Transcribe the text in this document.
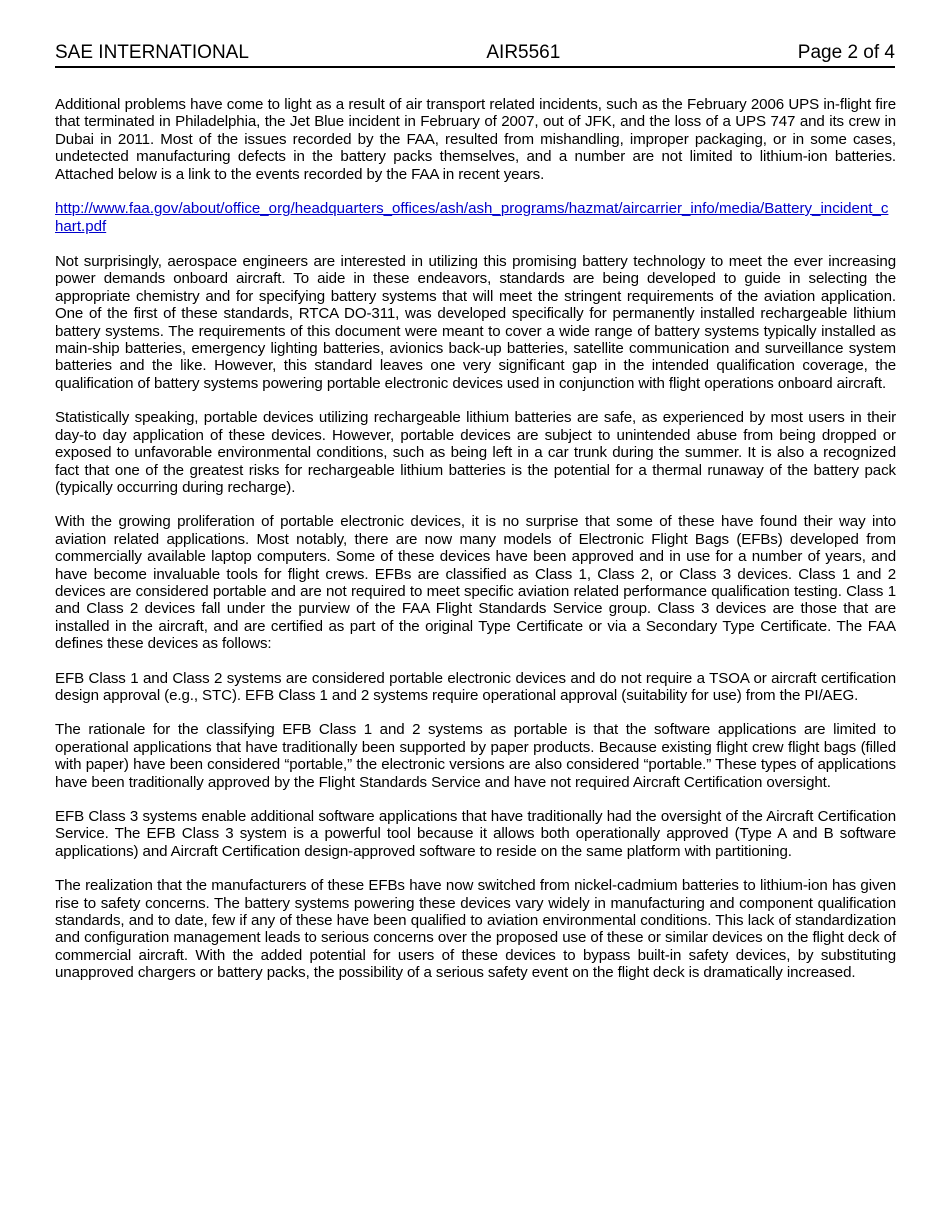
SAE INTERNATIONAL	AIR5561	Page 2 of 4

Additional problems have come to light as a result of air transport related incidents, such as the February 2006 UPS in-flight fire that terminated in Philadelphia, the Jet Blue incident in February of 2007, out of JFK, and the loss of a UPS 747 and its crew in Dubai in 2011. Most of the issues recorded by the FAA, resulted from mishandling, improper packaging, or in some cases, undetected manufacturing defects in the battery packs themselves, and a number are not limited to lithium-ion batteries. Attached below is a link to the events recorded by the FAA in recent years.

http://www.faa.gov/about/office_org/headquarters_offices/ash/ash_programs/hazmat/aircarrier_info/media/Battery_incident_chart.pdf

Not surprisingly, aerospace engineers are interested in utilizing this promising battery technology to meet the ever increasing power demands onboard aircraft. To aide in these endeavors, standards are being developed to guide in selecting the appropriate chemistry and for specifying battery systems that will meet the stringent requirements of the aviation application. One of the first of these standards, RTCA DO-311, was developed specifically for permanently installed rechargeable lithium battery systems. The requirements of this document were meant to cover a wide range of battery systems typically installed as main-ship batteries, emergency lighting batteries, avionics back-up batteries, satellite communication and surveillance system batteries and the like. However, this standard leaves one very significant gap in the intended qualification coverage, the qualification of battery systems powering portable electronic devices used in conjunction with flight operations onboard aircraft.

Statistically speaking, portable devices utilizing rechargeable lithium batteries are safe, as experienced by most users in their day-to day application of these devices. However, portable devices are subject to unintended abuse from being dropped or exposed to unfavorable environmental conditions, such as being left in a car trunk during the summer. It is also a recognized fact that one of the greatest risks for rechargeable lithium batteries is the potential for a thermal runaway of the battery pack (typically occurring during recharge).

With the growing proliferation of portable electronic devices, it is no surprise that some of these have found their way into aviation related applications. Most notably, there are now many models of Electronic Flight Bags (EFBs) developed from commercially available laptop computers. Some of these devices have been approved and in use for a number of years, and have become invaluable tools for flight crews. EFBs are classified as Class 1, Class 2, or Class 3 devices. Class 1 and 2 devices are considered portable and are not required to meet specific aviation related performance qualification testing. Class 1 and Class 2 devices fall under the purview of the FAA Flight Standards Service group. Class 3 devices are those that are installed in the aircraft, and are certified as part of the original Type Certificate or via a Secondary Type Certificate. The FAA defines these devices as follows:

EFB Class 1 and Class 2 systems are considered portable electronic devices and do not require a TSOA or aircraft certification design approval (e.g., STC). EFB Class 1 and 2 systems require operational approval (suitability for use) from the PI/AEG.

The rationale for the classifying EFB Class 1 and 2 systems as portable is that the software applications are limited to operational applications that have traditionally been supported by paper products. Because existing flight crew flight bags (filled with paper) have been considered “portable,” the electronic versions are also considered “portable.” These types of applications have been traditionally approved by the Flight Standards Service and have not required Aircraft Certification oversight.

EFB Class 3 systems enable additional software applications that have traditionally had the oversight of the Aircraft Certification Service. The EFB Class 3 system is a powerful tool because it allows both operationally approved (Type A and B software applications) and Aircraft Certification design-approved software to reside on the same platform with partitioning.

The realization that the manufacturers of these EFBs have now switched from nickel-cadmium batteries to lithium-ion has given rise to safety concerns. The battery systems powering these devices vary widely in manufacturing and component qualification standards, and to date, few if any of these have been qualified to aviation environmental conditions. This lack of standardization and configuration management leads to serious concerns over the proposed use of these or similar devices on the flight deck of commercial aircraft. With the added potential for users of these devices to bypass built-in safety devices, by substituting unapproved chargers or battery packs, the possibility of a serious safety event on the flight deck is dramatically increased.
